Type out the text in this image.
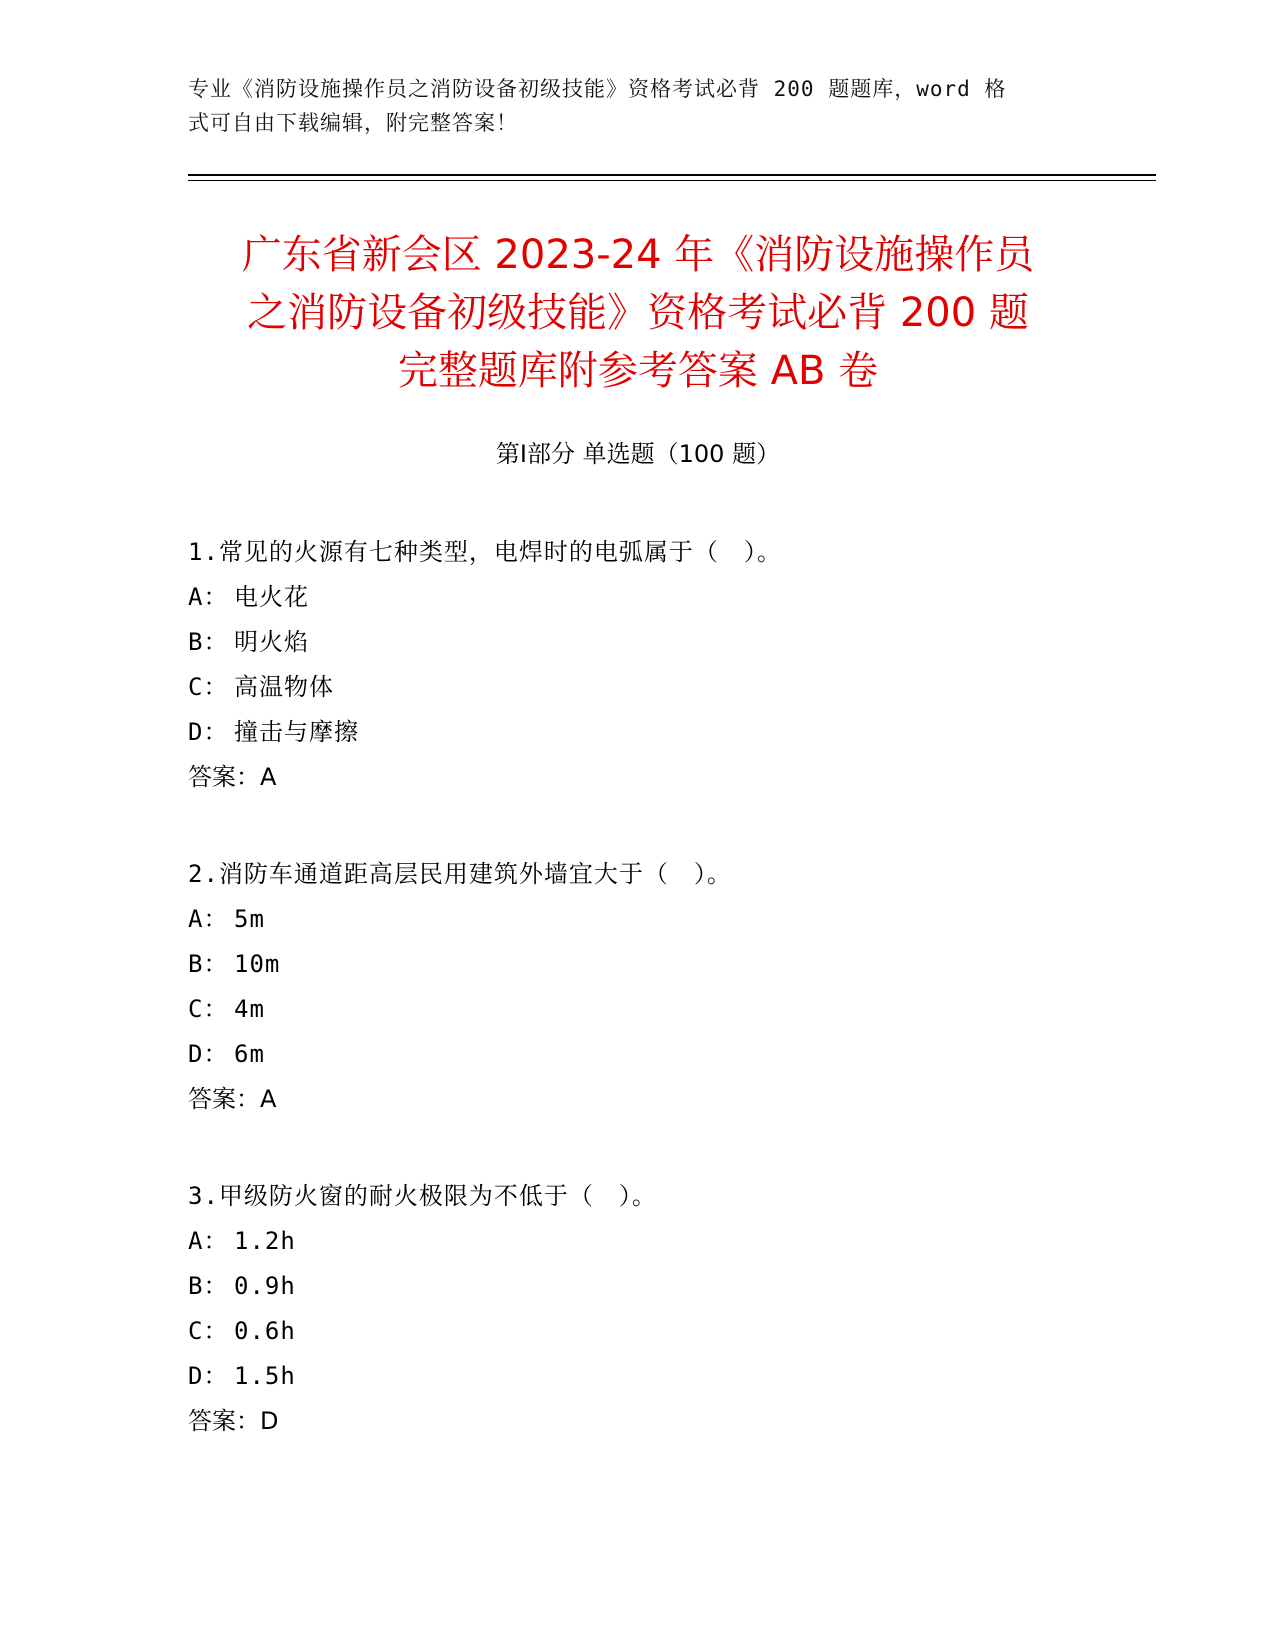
专业《消防设施操作员之消防设备初级技能》资格考试必背 200 题题库，word 格
式可自由下载编辑，附完整答案！
广东省新会区 2023-24 年《消防设施操作员
之消防设备初级技能》资格考试必背 200 题
完整题库附参考答案 AB 卷
第Ⅰ部分 单选题（100 题）
1.常见的火源有七种类型，电焊时的电弧属于（　）。
A： 电火花
B： 明火焰
C： 高温物体
D： 撞击与摩擦
答案：A
2.消防车通道距高层民用建筑外墙宜大于（　）。
A： 5m
B： 10m
C： 4m
D： 6m
答案：A
3.甲级防火窗的耐火极限为不低于（　）。
A： 1.2h
B： 0.9h
C： 0.6h
D： 1.5h
答案：D
